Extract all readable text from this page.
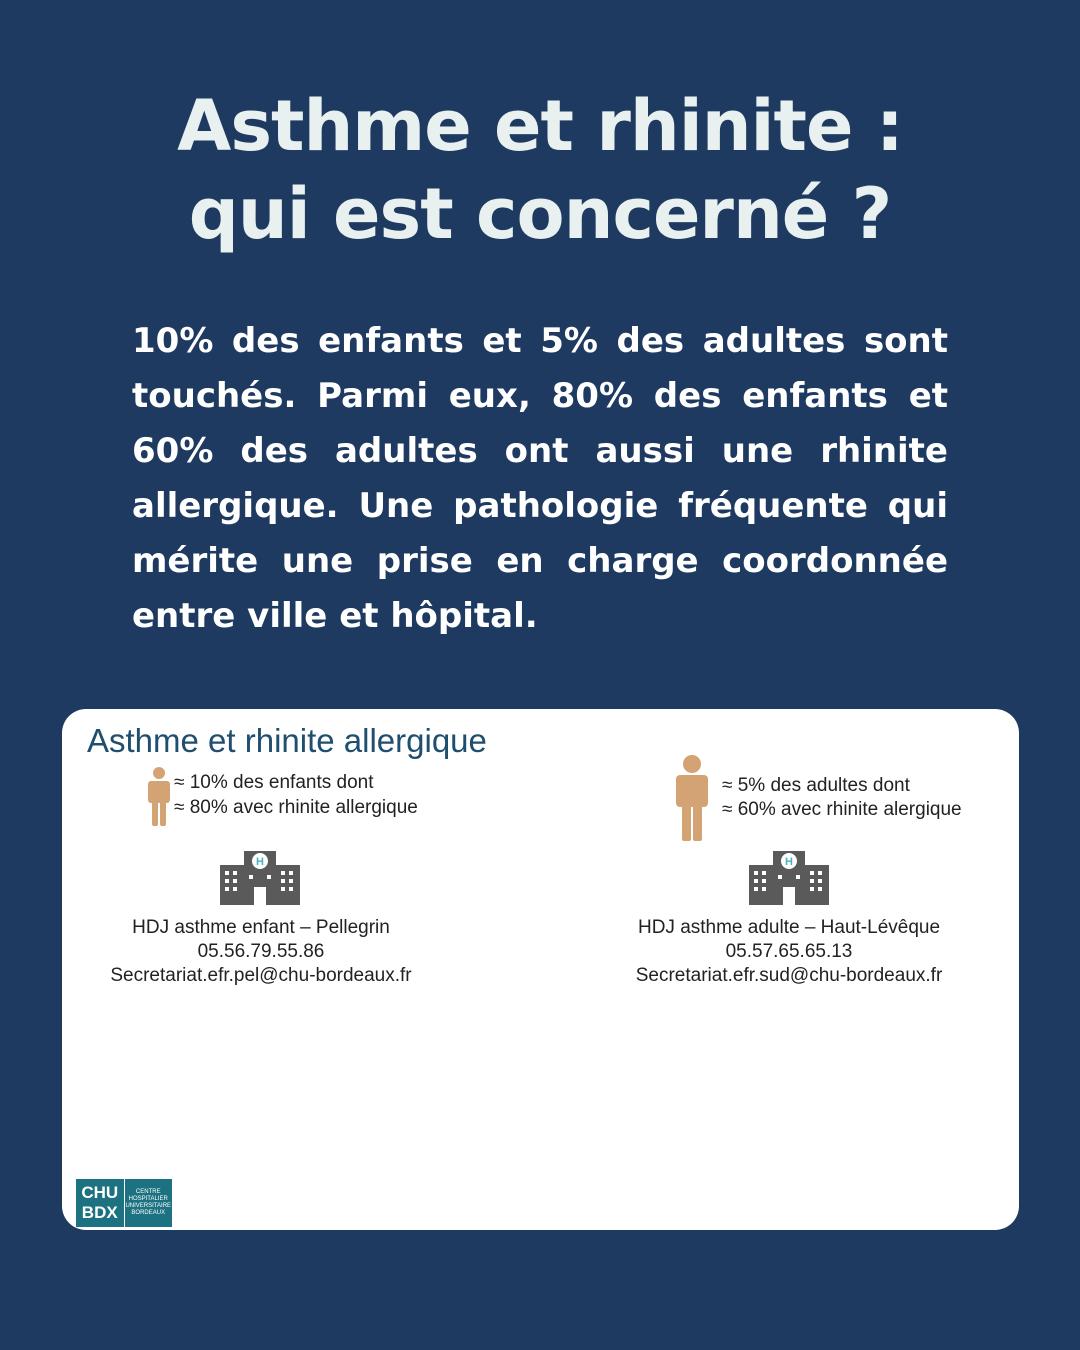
Asthme et rhinite :
qui est concerné ?

10% des enfants et 5% des adultes sont touchés. Parmi eux, 80% des enfants et 60% des adultes ont aussi une rhinite allergique. Une pathologie fréquente qui mérite une prise en charge coordonnée entre ville et hôpital.

Asthme et rhinite allergique
≈ 10% des enfants dont
≈ 80% avec rhinite allergique
H
HDJ asthme enfant – Pellegrin
05.56.79.55.86
Secretariat.efr.pel@chu-bordeaux.fr
≈ 5% des adultes dont
≈ 60% avec rhinite alergique
H
HDJ asthme adulte – Haut-Lévêque
05.57.65.65.13
Secretariat.efr.sud@chu-bordeaux.fr
CHU
BDX
CENTRE
HOSPITALIER
UNIVERSITAIRE
BORDEAUX
